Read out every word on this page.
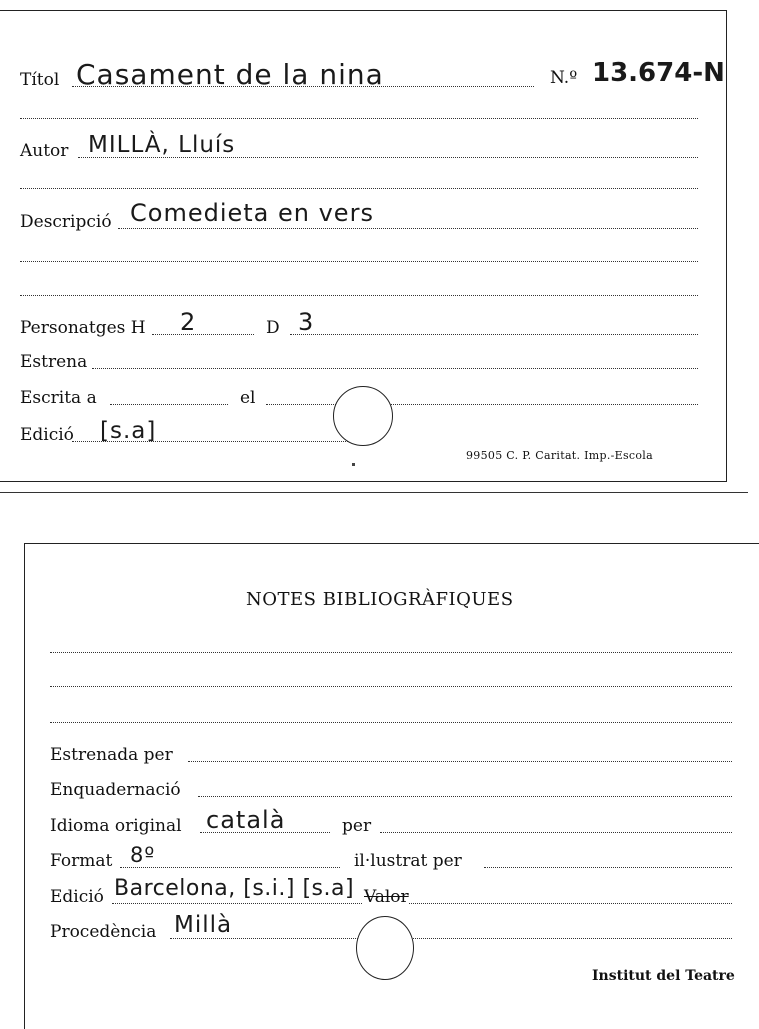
Títol Casament de la nina	N.º 13.674-N
Autor MILLÀ, Lluís
Descripció Comedieta en vers
Personatges H 2	D 3
Estrena
Escrita a	el
Edició [s.a]
99505 C. P. Caritat. Imp.-Escola
NOTES BIBLIOGRÀFIQUES
Estrenada per
Enquadernació
Idioma original català	per
Format 8º	il·lustrat per
Edició Barcelona, [s.i.] [s.a] Valor
Procedència Millà
Institut del Teatre
